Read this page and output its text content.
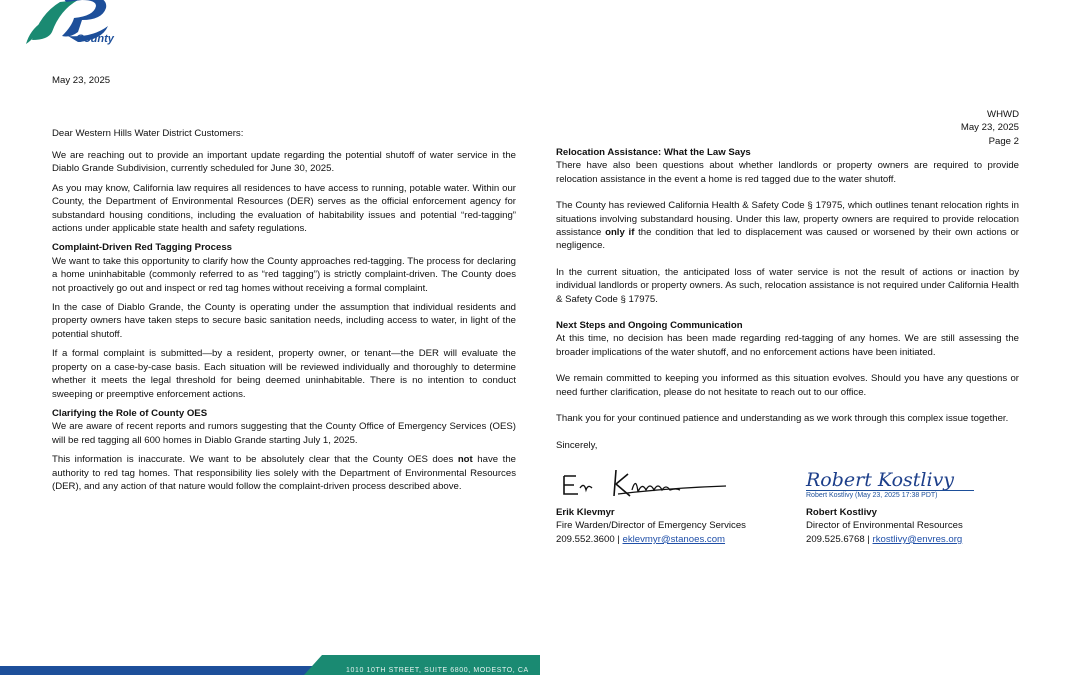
County
May 23, 2025
Dear Western Hills Water District Customers:

We are reaching out to provide an important update regarding the potential shutoff of water service in the Diablo Grande Subdivision, currently scheduled for June 30, 2025.

As you may know, California law requires all residences to have access to running, potable water. Within our County, the Department of Environmental Resources (DER) serves as the official enforcement agency for substandard housing conditions, including the evaluation of habitability issues and potential “red-tagging” actions under applicable state health and safety regulations.

Complaint-Driven Red Tagging Process

We want to take this opportunity to clarify how the County approaches red-tagging. The process for declaring a home uninhabitable (commonly referred to as “red tagging”) is strictly complaint-driven. The County does not proactively go out and inspect or red tag homes without receiving a formal complaint.

In the case of Diablo Grande, the County is operating under the assumption that individual residents and property owners have taken steps to secure basic sanitation needs, including access to water, in light of the potential shutoff.

If a formal complaint is submitted—by a resident, property owner, or tenant—the DER will evaluate the property on a case-by-case basis. Each situation will be reviewed individually and thoroughly to determine whether it meets the legal threshold for being deemed uninhabitable. There is no intention to conduct sweeping or preemptive enforcement actions.

Clarifying the Role of County OES

We are aware of recent reports and rumors suggesting that the County Office of Emergency Services (OES) will be red tagging all 600 homes in Diablo Grande starting July 1, 2025.

This information is inaccurate. We want to be absolutely clear that the County OES does not have the authority to red tag homes. That responsibility lies solely with the Department of Environmental Resources (DER), and any action of that nature would follow the complaint-driven process described above.

1010 10TH STREET, SUITE 6800, MODESTO, CA
WHWD
May 23, 2025
Page 2

Relocation Assistance: What the Law Says

There have also been questions about whether landlords or property owners are required to provide relocation assistance in the event a home is red tagged due to the water shutoff.

The County has reviewed California Health & Safety Code § 17975, which outlines tenant relocation rights in situations involving substandard housing. Under this law, property owners are required to provide relocation assistance only if the condition that led to displacement was caused or worsened by their own actions or negligence.

In the current situation, the anticipated loss of water service is not the result of actions or inaction by individual landlords or property owners. As such, relocation assistance is not required under California Health & Safety Code § 17975.

Next Steps and Ongoing Communication

At this time, no decision has been made regarding red-tagging of any homes. We are still assessing the broader implications of the water shutoff, and no enforcement actions have been initiated.

We remain committed to keeping you informed as this situation evolves. Should you have any questions or need further clarification, please do not hesitate to reach out to our office.

Thank you for your continued patience and understanding as we work through this complex issue together.

Sincerely,

Erik Klevmyr
Fire Warden/Director of Emergency Services
209.552.3600 | eklevmyr@stanoes.com
Robert Kostlivy
Robert Kostlivy (May 23, 2025 17:38 PDT)
Robert Kostlivy
Director of Environmental Resources
209.525.6768 | rkostlivy@envres.org
